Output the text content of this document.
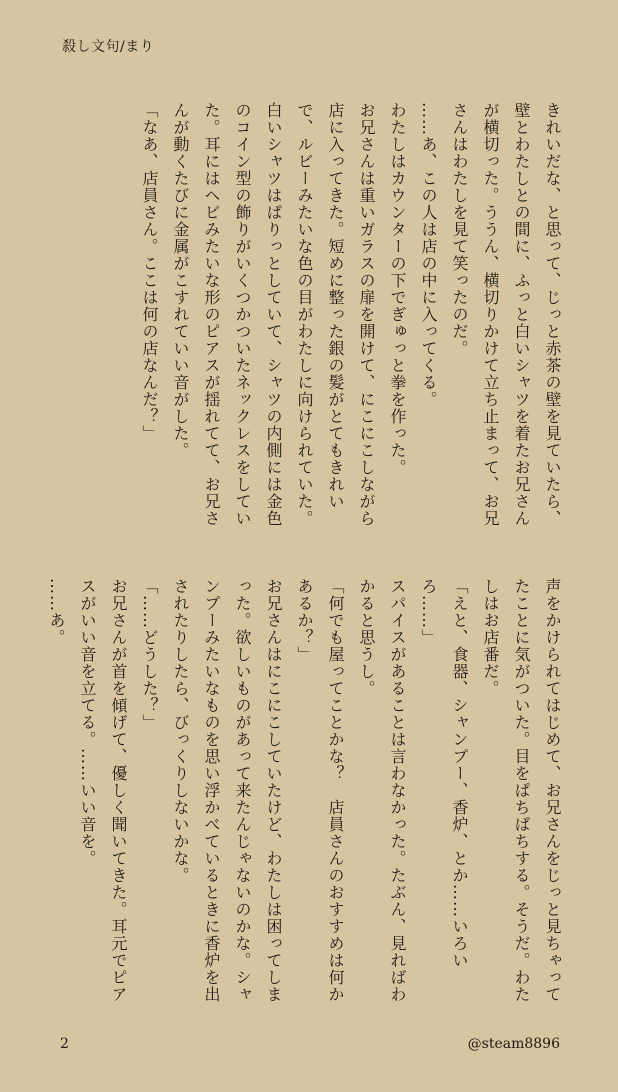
殺し文句/まり

きれいだな、と思って、じっと赤茶の壁を見ていたら、壁とわたしとの間に、ふっと白いシャツを着たお兄さんが横切った。ううん、横切りかけて立ち止まって、お兄さんはわたしを見て笑ったのだ。

……あ、この人は店の中に入ってくる。

わたしはカウンターの下でぎゅっと拳を作った。

お兄さんは重いガラスの扉を開けて、にこにこしながら店に入ってきた。短めに整った銀の髪がとてもきれいで、ルビーみたいな色の目がわたしに向けられていた。白いシャツはぱりっとしていて、シャツの内側には金色のコイン型の飾りがいくつかついたネックレスをしていた。耳にはヘビみたいな形のピアスが揺れてて、お兄さんが動くたびに金属がこすれていい音がした。

「なあ、店員さん。ここは何の店なんだ？」

声をかけられてはじめて、お兄さんをじっと見ちゃってたことに気がついた。目をぱちぱちする。そうだ。わたしはお店番だ。

「えと、食器、シャンプー、香炉、とか……いろいろ……」

スパイスがあることは言わなかった。たぶん、見ればわかると思うし。

「何でも屋ってことかな？　店員さんのおすすめは何かあるか？」

お兄さんはにこにこしていたけど、わたしは困ってしまった。欲しいものがあって来たんじゃないのかな。シャンプーみたいなものを思い浮かべているときに香炉を出されたりしたら、びっくりしないかな。

「……どうした？」

お兄さんが首を傾げて、優しく聞いてきた。耳元でピアスがいい音を立てる。……いい音を。

……あ。

2	@steam8896
